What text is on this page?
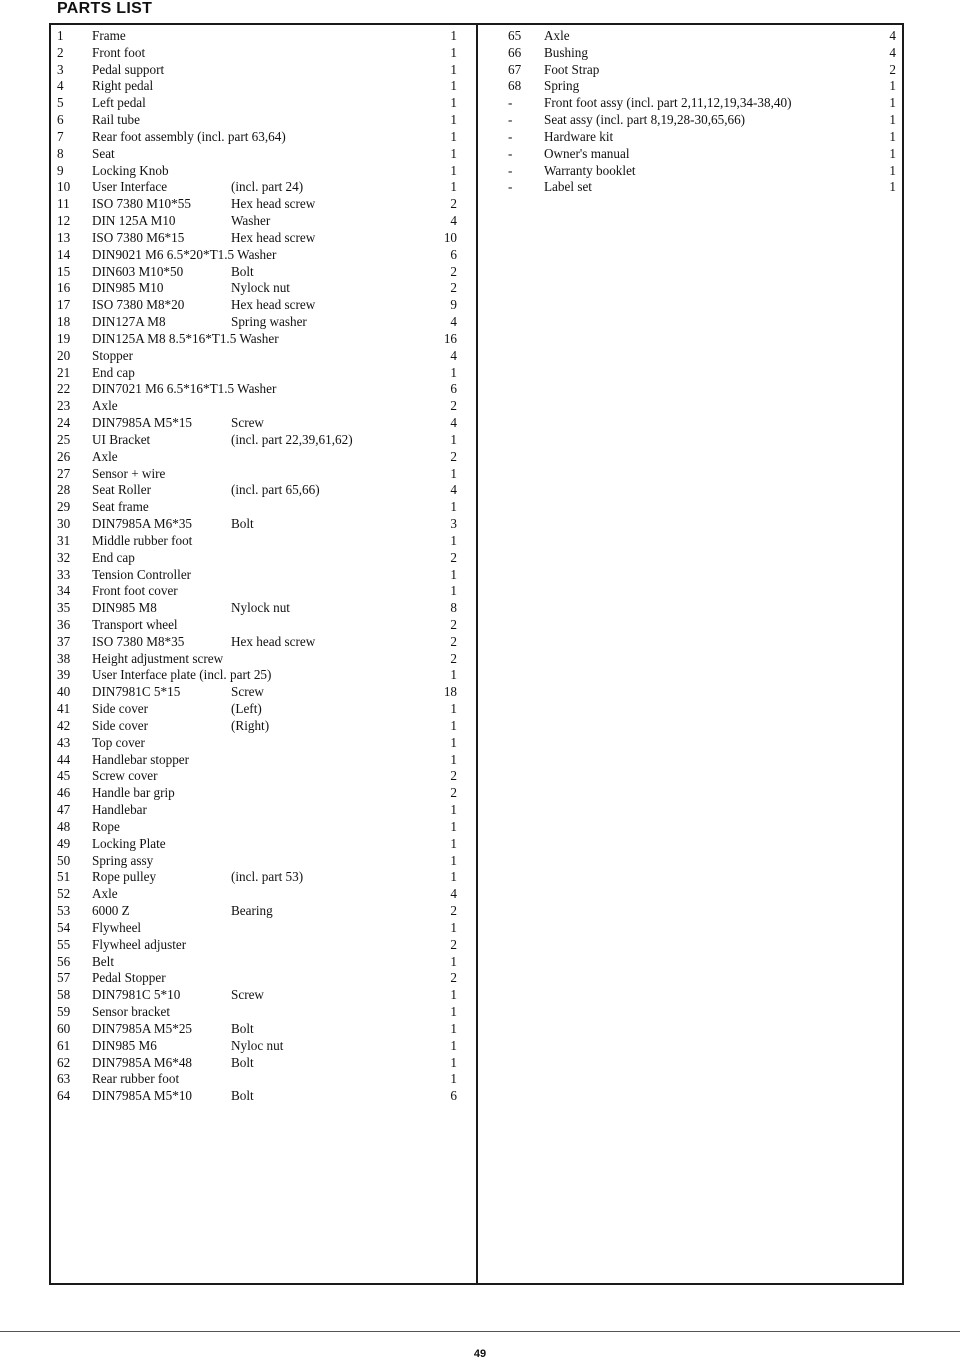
PARTS LIST
1 Frame	1
2 Front foot	1
3 Pedal support	1
4 Right pedal	1
5 Left pedal	1
6 Rail tube	1
7 Rear foot assembly (incl. part 63,64)	1
8 Seat	1
9 Locking Knob	1
10 User Interface	(incl. part 24)	1
11 ISO 7380 M10*55	Hex head screw	2
12 DIN 125A M10	Washer	4
13 ISO 7380 M6*15	Hex head screw	10
14 DIN9021 M6 6.5*20*T1.5 Washer	6
15 DIN603 M10*50	Bolt	2
16 DIN985 M10	Nylock nut	2
17 ISO 7380 M8*20	Hex head screw	9
18 DIN127A M8	Spring washer	4
19 DIN125A M8 8.5*16*T1.5 Washer	16
20 Stopper	4
21 End cap	1
22 DIN7021 M6 6.5*16*T1.5 Washer	6
23 Axle	2
24 DIN7985A M5*15	Screw	4
25 UI Bracket	(incl. part 22,39,61,62)	1
26 Axle	2
27 Sensor + wire	1
28 Seat Roller	(incl. part 65,66)	4
29 Seat frame	1
30 DIN7985A M6*35	Bolt	3
31 Middle rubber foot	1
32 End cap	2
33 Tension Controller	1
34 Front foot cover	1
35 DIN985 M8	Nylock nut	8
36 Transport wheel	2
37 ISO 7380 M8*35	Hex head screw	2
38 Height adjustment screw	2
39 User Interface plate (incl. part 25)	1
40 DIN7981C 5*15	Screw	18
41 Side cover	(Left)	1
42 Side cover	(Right)	1
43 Top cover	1
44 Handlebar stopper	1
45 Screw cover	2
46 Handle bar grip	2
47 Handlebar	1
48 Rope	1
49 Locking Plate	1
50 Spring assy	1
51 Rope pulley	(incl. part 53)	1
52 Axle	4
53 6000 Z	Bearing	2
54 Flywheel	1
55 Flywheel adjuster	2
56 Belt	1
57 Pedal Stopper	2
58 DIN7981C 5*10	Screw	1
59 Sensor bracket	1
60 DIN7985A M5*25	Bolt	1
61 DIN985 M6	Nyloc nut	1
62 DIN7985A M6*48	Bolt	1
63 Rear rubber foot	1
64 DIN7985A M5*10	Bolt	6
65 Axle	4
66 Bushing	4
67 Foot Strap	2
68 Spring	1
- Front foot assy (incl. part 2,11,12,19,34-38,40)	1
- Seat assy (incl. part 8,19,28-30,65,66)	1
- Hardware kit	1
- Owner's manual	1
- Warranty booklet	1
- Label set	1
49
